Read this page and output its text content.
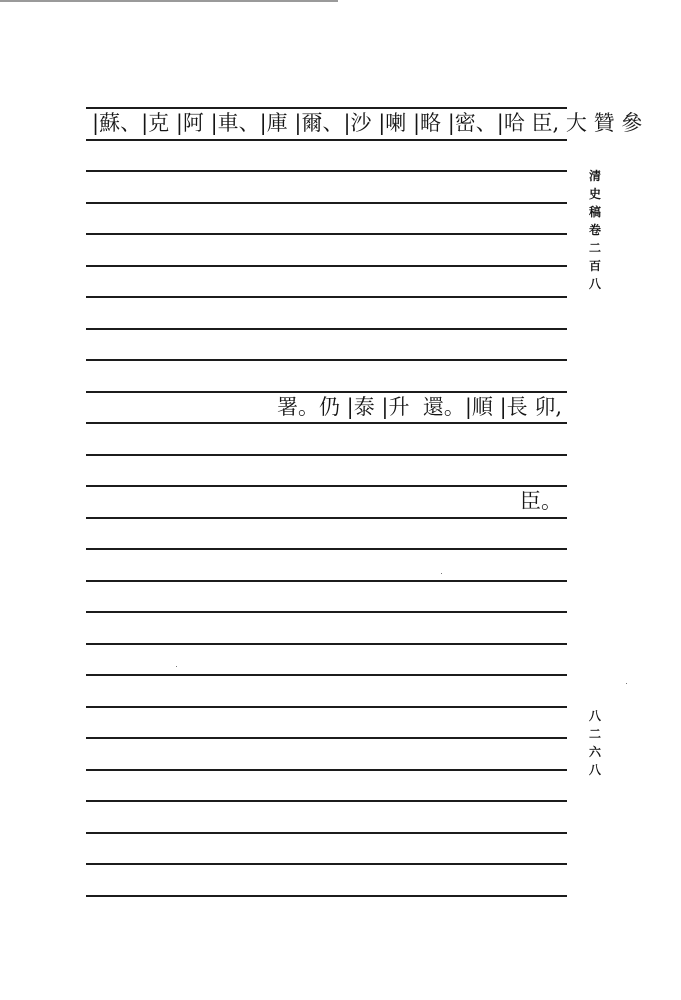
|蘇、|克 |阿 |車、|庫 |爾、|沙 |喇 |略 |密、|哈 臣, 大 贊 參
署。仍 |泰 |升  還。|順 |長 卯,
臣。
清
史
稿
卷
二
百
八
八
二
六
八
